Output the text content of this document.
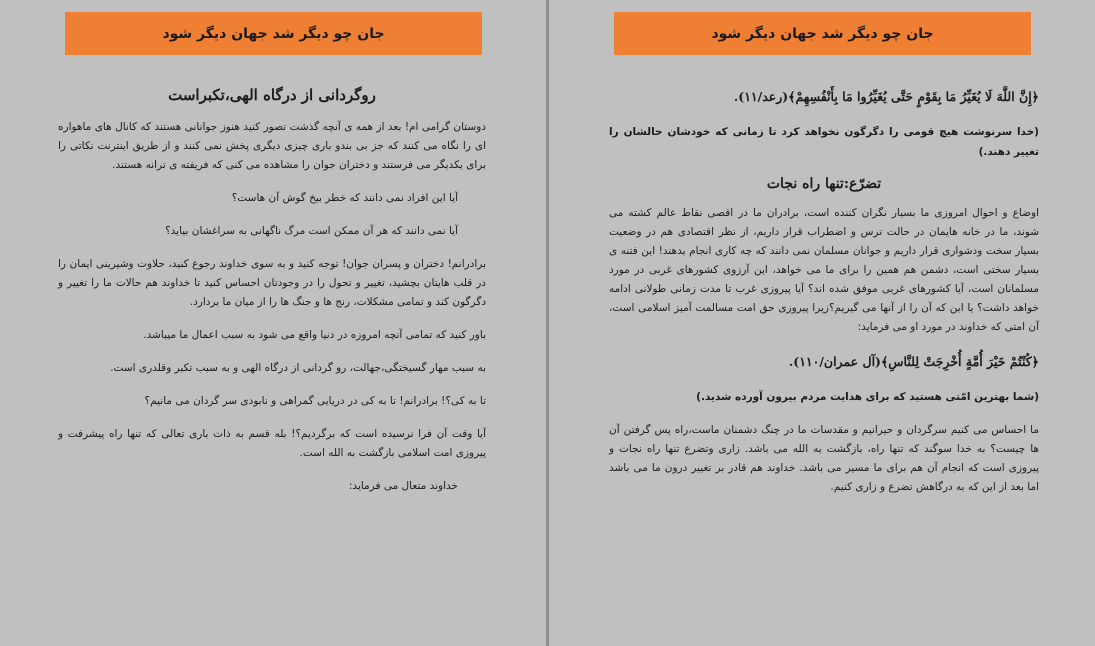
جان چو دیگر شد جهان دیگر شود
روگردانی از درگاه الهی،تکبراست
دوستان گرامی ام! بعد از همه ی آنچه گذشت تصور کنید هنوز جوانانی هستند که کانال های ماهواره ای را نگاه می کنند که جز بی بندو باری چیزی دیگری پخش نمی کنند و از طریق اینترنت نکاتی را برای یکدیگر می فرستند و دختران جوان را مشاهده می کنی که فریفته ی ترانه هستند.
آیا این افراد نمی دانند که خطر بیخ گوش آن هاست؟
آیا نمی دانند که هر آن ممکن است مرگ ناگهانی به سراغشان بیاید؟
برادرانم! دختران و پسران جوان! توجه کنید و به سوی خداوند رجوع کنید، حلاوت وشیرینی ایمان را در قلب هایتان بچشید، تغییر و تحول را در وجودتان احساس کنید تا خداوند هم حالات ما را تغییر و دگرگون کند و تمامی مشکلات، رنج ها و جنگ ها را از میان ما بردارد.
باور کنید که تمامی آنچه امروزه در دنیا واقع می شود به سبب اعمال ما میباشد.
به سبب مهار گسیختگی،جهالت، رو گردانی از درگاه الهی و به سبب تکبر وقلدری است.
تا به کی؟! برادرانم! تا به کی در دریایی گمراهی و نابودی سر گردان می مانیم؟
آیا وقت آن فرا نرسیده است که برگردیم؟! بله قسم به ذات باری تعالی که تنها راه پیشرفت و پیروزی امت اسلامی بازگشت به الله است.
خداوند متعال می فرماید:
جان چو دیگر شد جهان دیگر شود
﴿إِنَّ اللَّهَ لَا يُغَيِّرُ مَا بِقَوْمٍ حَتَّى يُغَيِّرُوا مَا بِأَنْفُسِهِمْ﴾(رعد/١١).
(خدا سرنوشت هیچ قومی را دگرگون نخواهد کرد تا زمانی که خودشان حالشان را تغییر دهند.)
تضرّع:تنها راه نجات
اوضاع و احوال امروزی ما بسیار نگران کننده است، برادران ما در اقصی نقاط عالم کشته می شوند، ما در خانه هایمان در حالت ترس و اضطراب قرار داریم، از نظر اقتصادی هم در وضعیت بسیار سخت ودشواری قرار داریم و جوانان مسلمان نمی دانند که چه کاری انجام بدهند! این فتنه ی بسیار سختی است، دشمن هم همین را برای ما می خواهد، این آرزوی کشورهای غربی در مورد مسلمانان است، آیا کشورهای غربی موفق شده اند؟ آیا پیروزی غرب تا مدت زمانی طولانی ادامه خواهد داشت؟ یا این که آن را از آنها می گیریم؟زیرا پیروزی حق امت مسالمت آمیز اسلامی است، آن امتی که خداوند در مورد او می فرماید:
﴿كُنْتُمْ خَيْرَ أُمَّةٍ أُخْرِجَتْ لِلنَّاسِ﴾(آل عمران/١١٠).
(شما بهترین امّتی هستید که برای هدایت مردم بیرون آورده شدید.)
ما احساس می کنیم سرگردان و حیرانیم و مقدسات ما در چنگ دشمنان ماست،راه پس گرفتن آن ها چیست؟ به خدا سوگند که تنها راه، بازگشت به الله می باشد. زاری وتضرع تنها راه نجات و پیروزی است که انجام آن هم برای ما مسیر می باشد. خداوند هم قادر بر تغییر درون ما می باشد اما بعد از این که به درگاهش تضرع و زاری کنیم.
